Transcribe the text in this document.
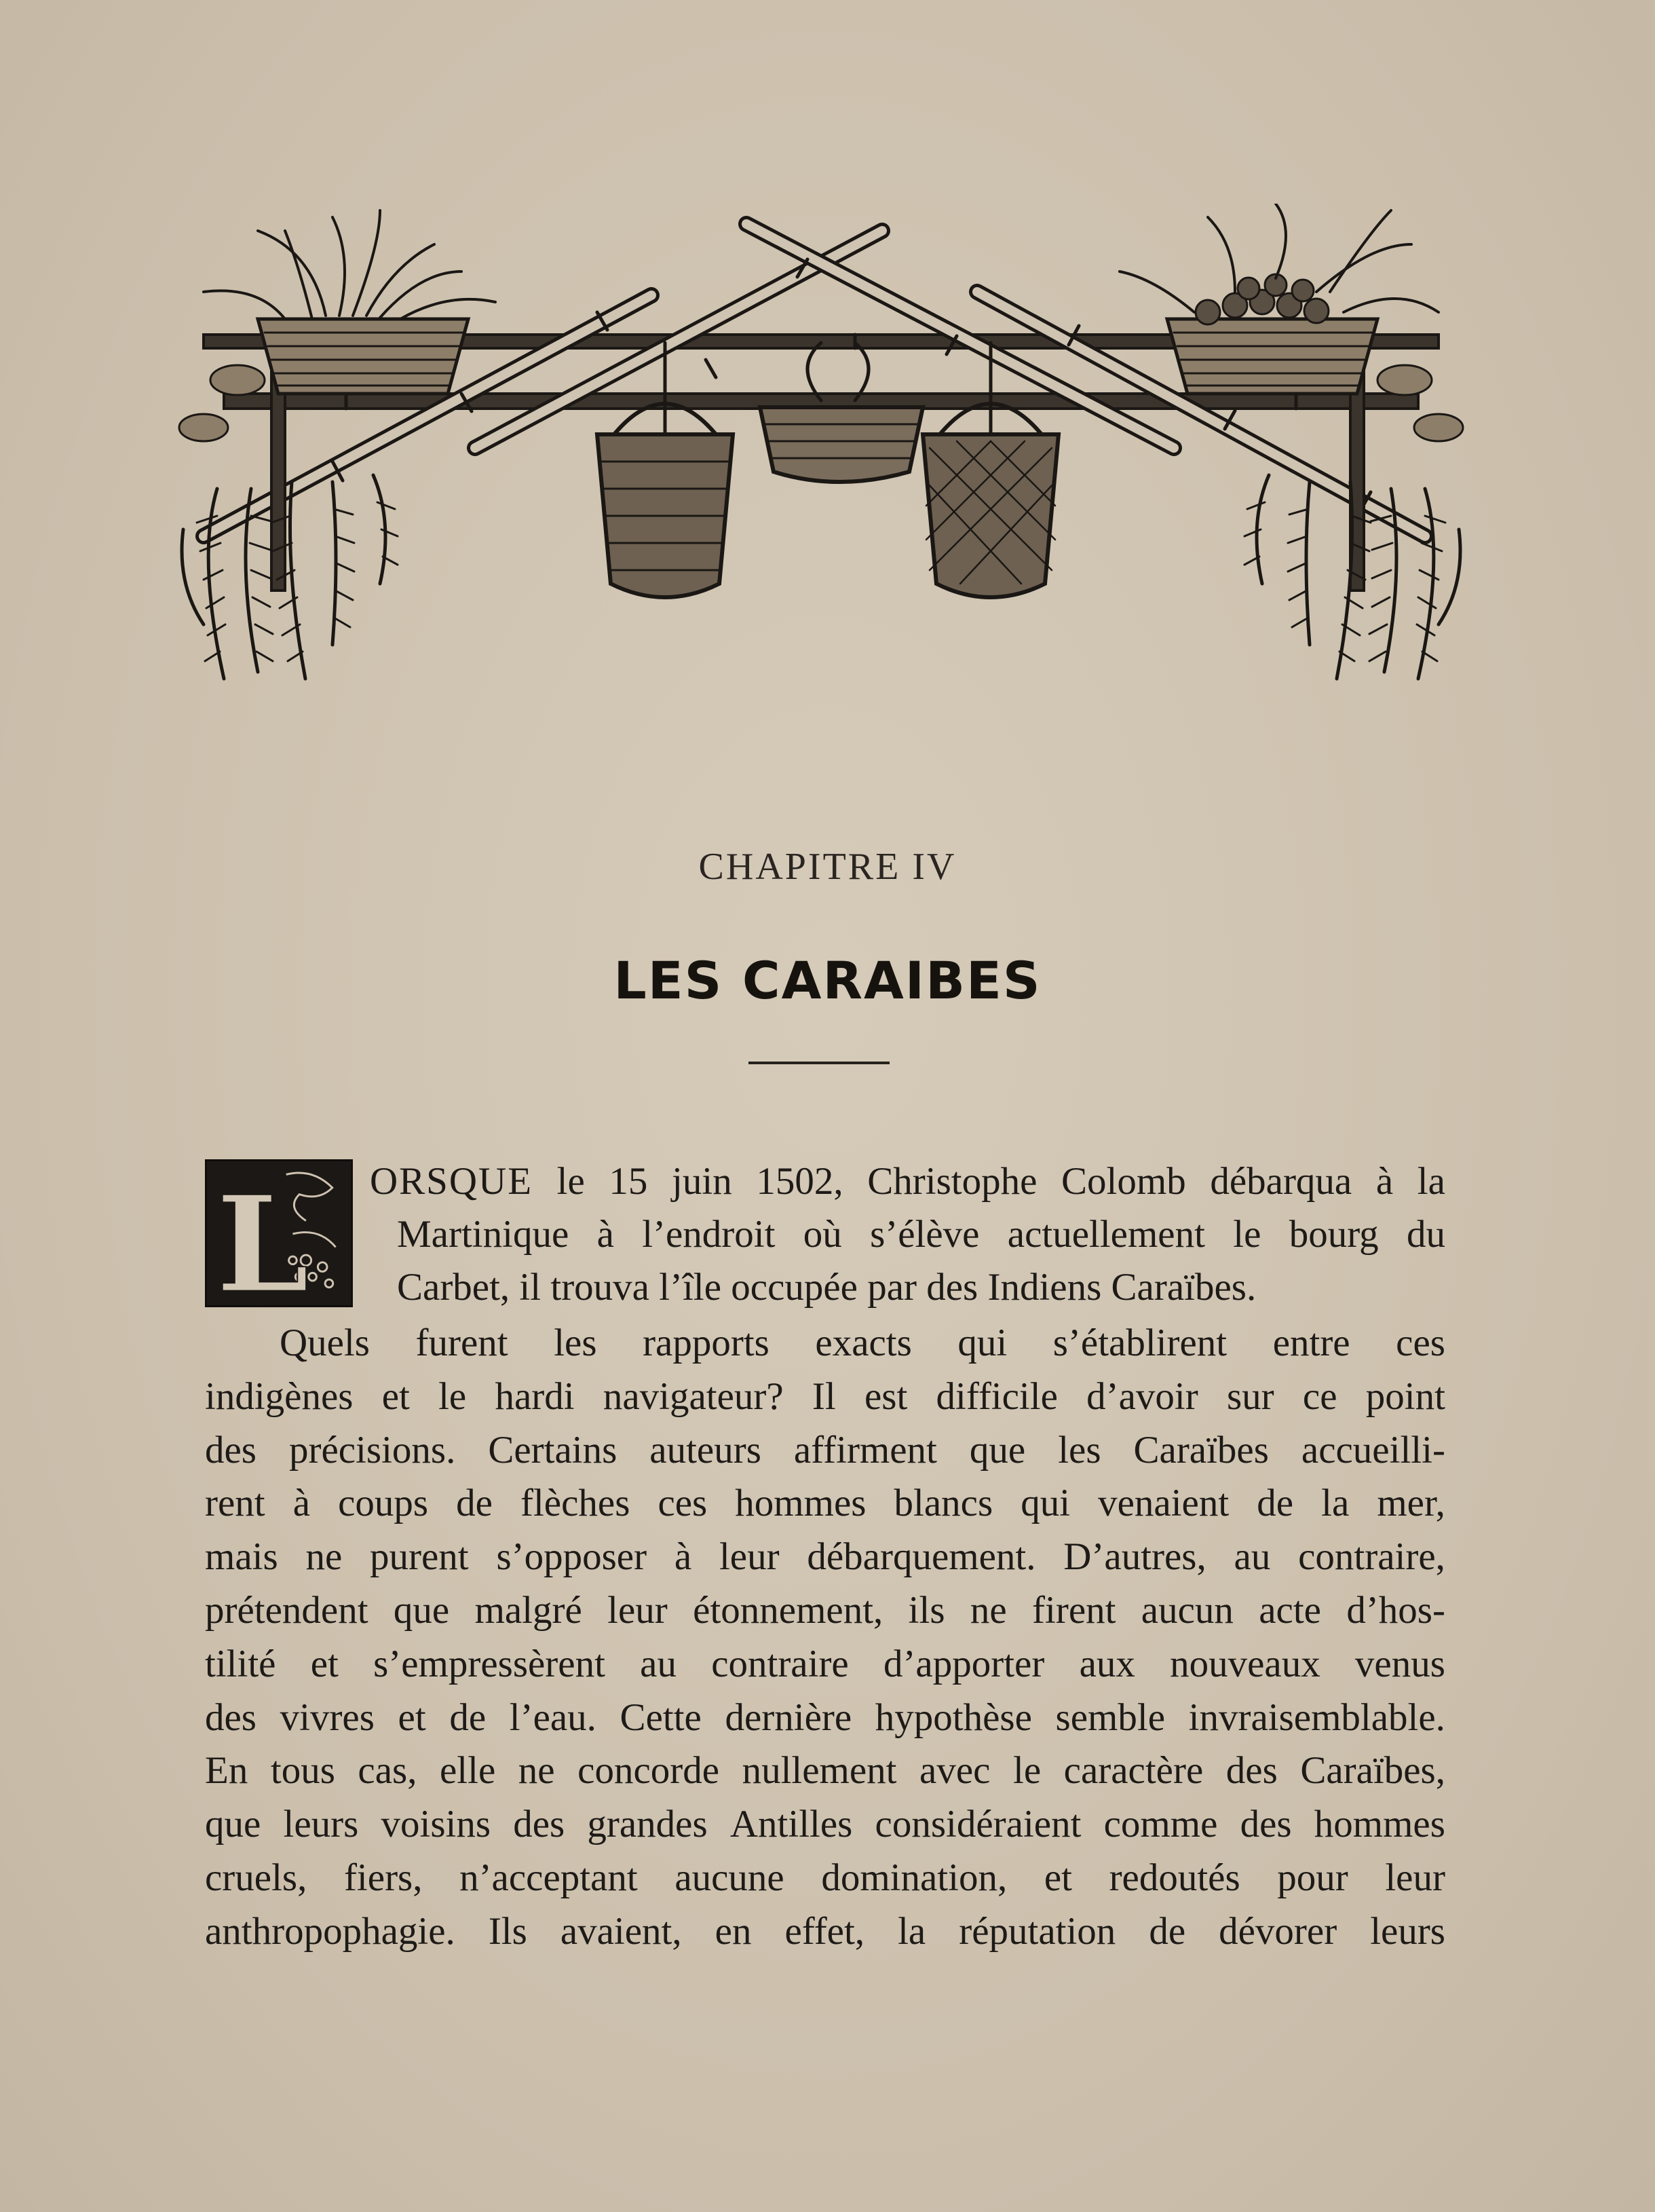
CHAPITRE IV
LES CARAIBES
L ORSQUE le 15 juin 1502, Christophe Colomb débarqua à la
Martinique à l’endroit où s’élève actuellement le bourg du
Carbet, il trouva l’île occupée par des Indiens Caraïbes.
Quels furent les rapports exacts qui s’établirent entre ces
indigènes et le hardi navigateur? Il est difficile d’avoir sur ce point
des précisions. Certains auteurs affirment que les Caraïbes accueilli-
rent à coups de flèches ces hommes blancs qui venaient de la mer,
mais ne purent s’opposer à leur débarquement. D’autres, au contraire,
prétendent que malgré leur étonnement, ils ne firent aucun acte d’hos-
tilité et s’empressèrent au contraire d’apporter aux nouveaux venus
des vivres et de l’eau. Cette dernière hypothèse semble invraisemblable.
En tous cas, elle ne concorde nullement avec le caractère des Caraïbes,
que leurs voisins des grandes Antilles considéraient comme des hommes
cruels, fiers, n’acceptant aucune domination, et redoutés pour leur
anthropophagie. Ils avaient, en effet, la réputation de dévorer leurs
